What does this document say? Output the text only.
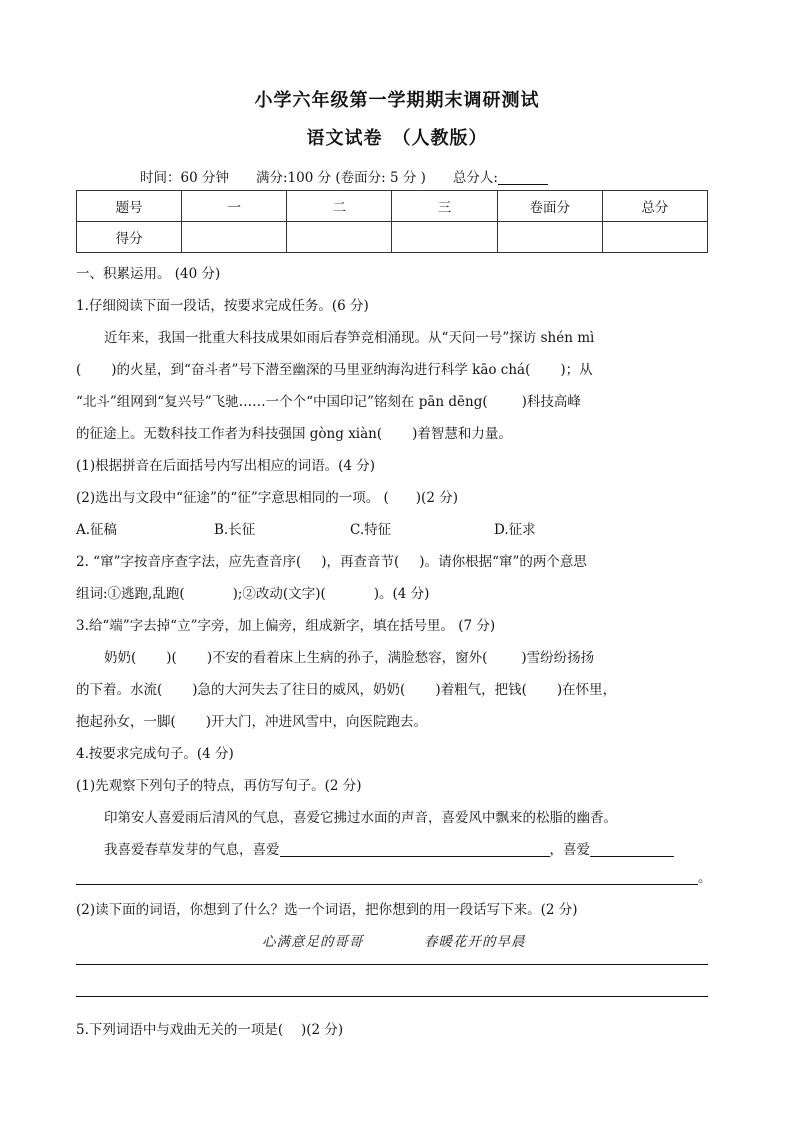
小学六年级第一学期期末调研测试
语文试卷　（人教版）
时间：60 分钟　　满分:100 分 (卷面分: 5 分 )　　总分人:
题号	一	二	三	卷面分	总分
得分					
一、积累运用。 (40 分)
1.仔细阅读下面一段话，按要求完成任务。(6 分)
近年来，我国一批重大科技成果如雨后春笋竞相涌现。从“天问一号”探访 shén mì
( )的火星，到“奋斗者”号下潜至幽深的马里亚纳海沟进行科学 kāo chá( )；从
“北斗”组网到“复兴号”飞驰……一个个“中国印记”铭刻在 pān dēng(	)科技高峰
的征途上。无数科技工作者为科技强国 gòng xiàn( )着智慧和力量。
(1)根据拼音在后面括号内写出相应的词语。(4 分)
(2)选出与文段中“征途”的“征”字意思相同的一项。 (　　)(2 分)
A.征稿	B.长征	C.特征	D.征求
2. “窜”字按音序查字法，应先查音序( )，再查音节( )。请你根据“窜”的两个意思
组词:①逃跑,乱跑(	);②改动(文字)(	)。(4 分)
3.给“端”字去掉“立”字旁，加上偏旁，组成新字，填在括号里。 (7 分)
奶奶( )( )不安的看着床上生病的孙子，满脸愁容，窗外(	)雪纷纷扬扬
的下着。水流( )急的大河失去了往日的威风，奶奶( )着粗气，把钱( )在怀里，
抱起孙女，一脚( )开大门，冲进风雪中，向医院跑去。
4.按要求完成句子。(4 分)
(1)先观察下列句子的特点，再仿写句子。(2 分)
印第安人喜爱雨后清风的气息，喜爱它拂过水面的声音，喜爱风中飘来的松脂的幽香。
我喜爱春草发芽的气息，喜爱	，喜爱
。
(2)读下面的词语，你想到了什么？选一个词语，把你想到的用一段话写下来。(2 分)
心满意足的哥哥	春暖花开的早晨
5.下列词语中与戏曲无关的一项是(　 )(2 分)
